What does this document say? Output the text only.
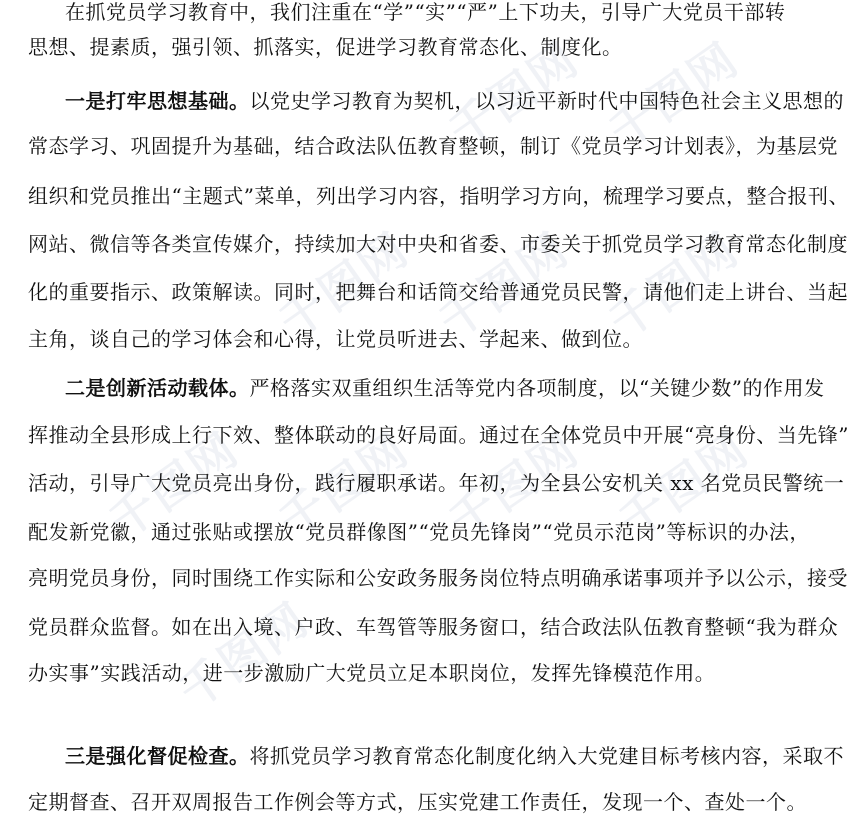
千图网 千图网
千图网 千图网 千图网
千图网 千图网 千图网 千图网
千图网
在抓党员学习教育中，我们注重在“学”“实”“严”上下功夫，引导广大党员干部转
思想、提素质，强引领、抓落实，促进学习教育常态化、制度化。
一是打牢思想基础。以党史学习教育为契机，以习近平新时代中国特色社会主义思想的
常态学习、巩固提升为基础，结合政法队伍教育整顿，制订《党员学习计划表》，为基层党
组织和党员推出“主题式”菜单，列出学习内容，指明学习方向，梳理学习要点，整合报刊、
网站、微信等各类宣传媒介，持续加大对中央和省委、市委关于抓党员学习教育常态化制度
化的重要指示、政策解读。同时，把舞台和话筒交给普通党员民警，请他们走上讲台、当起
主角，谈自己的学习体会和心得，让党员听进去、学起来、做到位。
二是创新活动载体。严格落实双重组织生活等党内各项制度，以“关键少数”的作用发
挥推动全县形成上行下效、整体联动的良好局面。通过在全体党员中开展“亮身份、当先锋”
活动，引导广大党员亮出身份，践行履职承诺。年初，为全县公安机关 xx 名党员民警统一
配发新党徽，通过张贴或摆放“党员群像图”“党员先锋岗”“党员示范岗”等标识的办法，
亮明党员身份，同时围绕工作实际和公安政务服务岗位特点明确承诺事项并予以公示，接受
党员群众监督。如在出入境、户政、车驾管等服务窗口，结合政法队伍教育整顿“我为群众
办实事”实践活动，进一步激励广大党员立足本职岗位，发挥先锋模范作用。
三是强化督促检查。将抓党员学习教育常态化制度化纳入大党建目标考核内容，采取不
定期督查、召开双周报告工作例会等方式，压实党建工作责任，发现一个、查处一个。
